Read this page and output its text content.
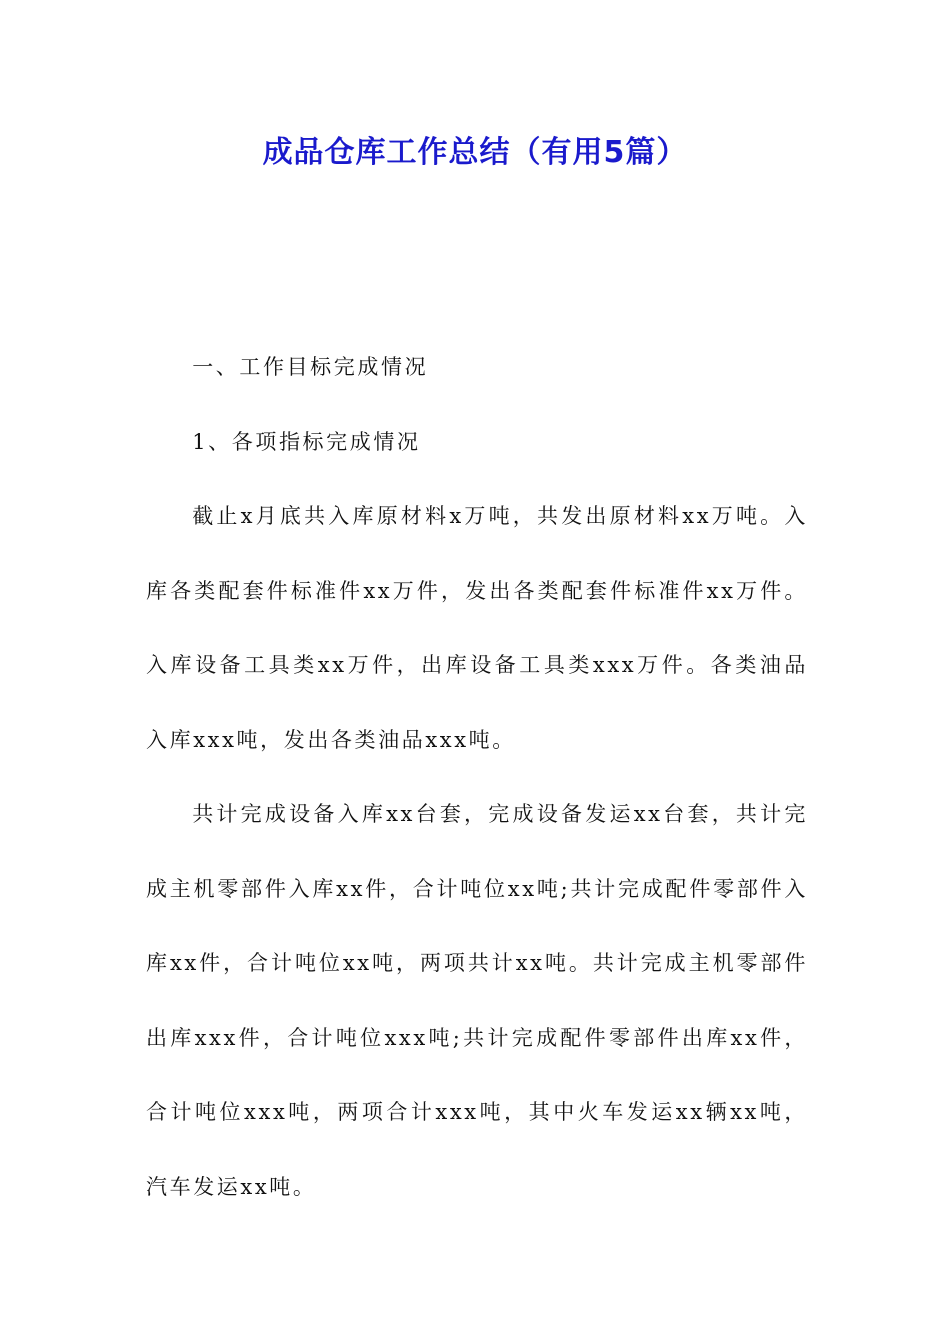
成品仓库工作总结（有用5篇）

一、工作目标完成情况

1、各项指标完成情况

截止x月底共入库原材料x万吨，共发出原材料xx万吨。入库各类配套件标准件xx万件，发出各类配套件标准件xx万件。入库设备工具类xx万件，出库设备工具类xxx万件。各类油品入库xxx吨，发出各类油品xxx吨。

共计完成设备入库xx台套，完成设备发运xx台套，共计完成主机零部件入库xx件，合计吨位xx吨;共计完成配件零部件入库xx件，合计吨位xx吨，两项共计xx吨。共计完成主机零部件出库xxx件，合计吨位xxx吨;共计完成配件零部件出库xx件，合计吨位xxx吨，两项合计xxx吨，其中火车发运xx辆xx吨，汽车发运xx吨。
